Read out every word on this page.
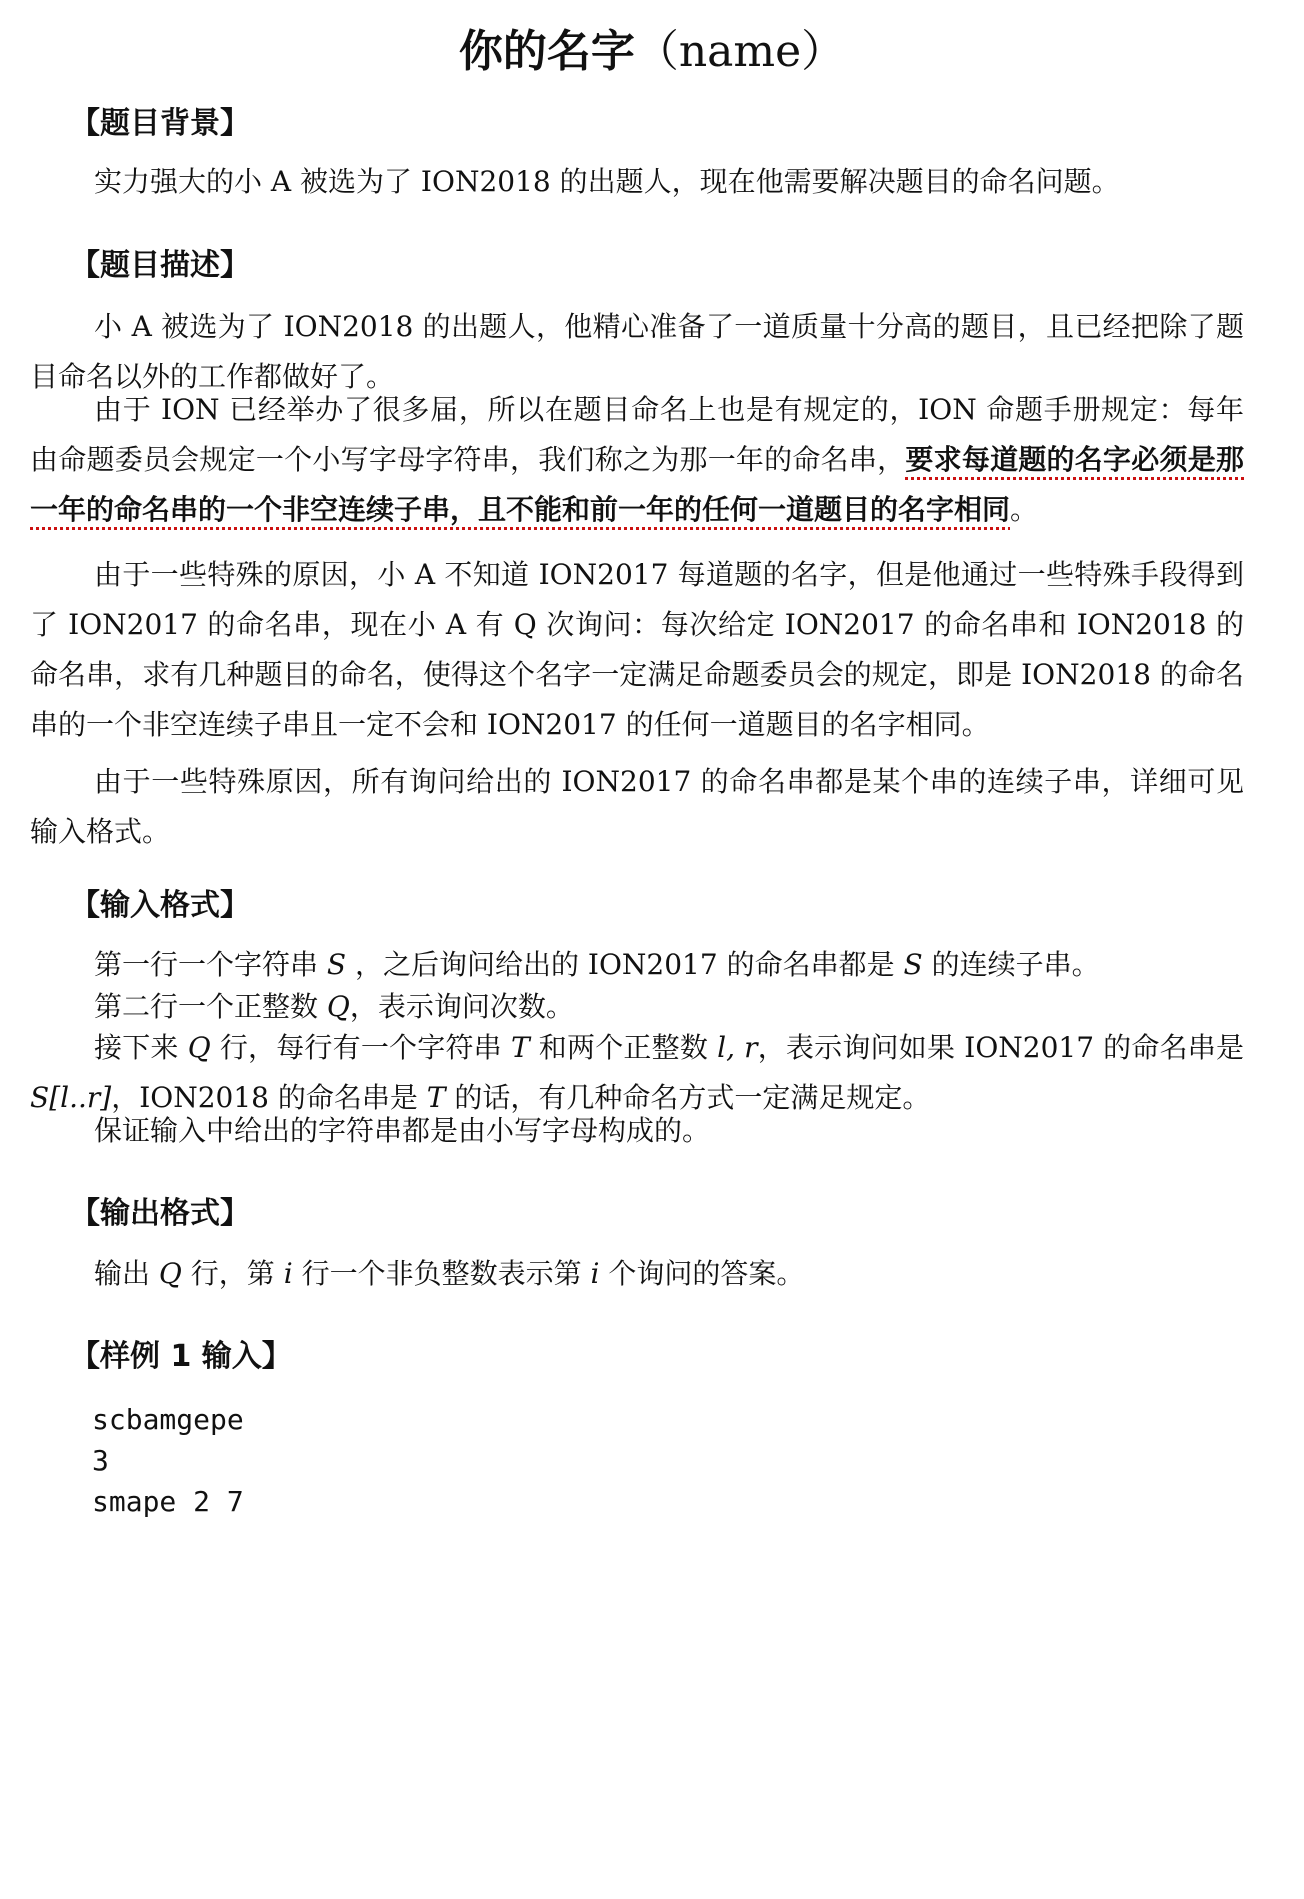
你的名字（name）
【题目背景】
实力强大的小 A 被选为了 ION2018 的出题人，现在他需要解决题目的命名问题。
【题目描述】
小 A 被选为了 ION2018 的出题人，他精心准备了一道质量十分高的题目，且已经把除了题目命名以外的工作都做好了。
由于 ION 已经举办了很多届，所以在题目命名上也是有规定的，ION 命题手册规定：每年由命题委员会规定一个小写字母字符串，我们称之为那一年的命名串，要求每道题的名字必须是那一年的命名串的一个非空连续子串，且不能和前一年的任何一道题目的名字相同。
由于一些特殊的原因，小 A 不知道 ION2017 每道题的名字，但是他通过一些特殊手段得到了 ION2017 的命名串，现在小 A 有 Q 次询问：每次给定 ION2017 的命名串和 ION2018 的命名串，求有几种题目的命名，使得这个名字一定满足命题委员会的规定，即是 ION2018 的命名串的一个非空连续子串且一定不会和 ION2017 的任何一道题目的名字相同。
由于一些特殊原因，所有询问给出的 ION2017 的命名串都是某个串的连续子串，详细可见输入格式。
【输入格式】
第一行一个字符串 S ，之后询问给出的 ION2017 的命名串都是 S 的连续子串。
第二行一个正整数 Q，表示询问次数。
接下来 Q 行，每行有一个字符串 T 和两个正整数 l, r，表示询问如果 ION2017 的命名串是 S[l..r]，ION2018 的命名串是 T 的话，有几种命名方式一定满足规定。
保证输入中给出的字符串都是由小写字母构成的。
【输出格式】
输出 Q 行，第 i 行一个非负整数表示第 i 个询问的答案。
【样例 1 输入】
scbamgepe
3
smape 2 7
